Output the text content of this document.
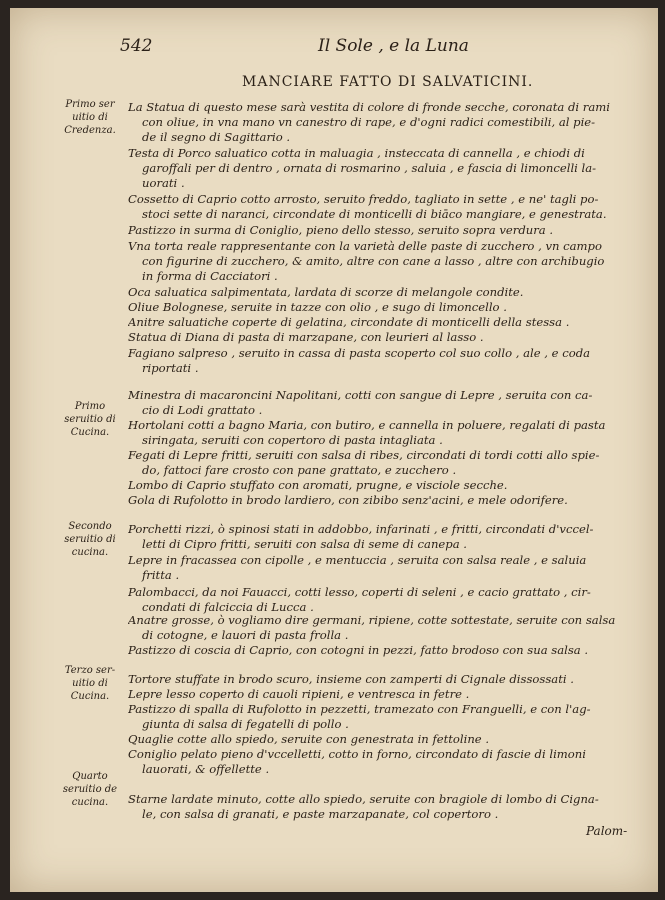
542	Il Sole , e la Luna
MANCIARE FATTO DI SALVATICINI.
Primo ser
uitio di
Credenza.
Primo
seruitio di
Cucina.
Secondo
seruitio di
cucina.
Terzo ser-
uitio di
Cucina.
Quarto
seruitio de
cucina.
La Statua di questo mese sarà vestita di colore di fronde secche, coronata di rami
con oliue, in vna mano vn canestro di rape, e d'ogni radici comestibili, al pie-
de il segno di Sagittario .
Testa di Porco saluatico cotta in maluagia , insteccata di cannella , e chiodi di
garoffali per di dentro , ornata di rosmarino , saluia , e fascia di limoncelli la-
uorati .
Cossetto di Caprio cotto arrosto, seruito freddo, tagliato in sette , e ne' tagli po-
stoci sette di naranci, circondate di monticelli di biāco mangiare, e genestrata.
Pastizzo in surma di Coniglio, pieno dello stesso, seruito sopra verdura .
Vna torta reale rappresentante con la varietà delle paste di zucchero , vn campo
con figurine di zucchero, & amito, altre con cane a lasso , altre con archibugio
in forma di Cacciatori .
Oca saluatica salpimentata, lardata di scorze di melangole condite.
Oliue Bolognese, seruite in tazze con olio , e sugo di limoncello .
Anitre saluatiche coperte di gelatina, circondate di monticelli della stessa .
Statua di Diana di pasta di marzapane, con leurieri al lasso .
Fagiano salpreso , seruito in cassa di pasta scoperto col suo collo , ale , e coda
riportati .
Minestra di macaroncini Napolitani, cotti con sangue di Lepre , seruita con ca-
cio di Lodi grattato .
Hortolani cotti a bagno Maria, con butiro, e cannella in poluere, regalati di pasta
siringata, seruiti con copertoro di pasta intagliata .
Fegati di Lepre fritti, seruiti con salsa di ribes, circondati di tordi cotti allo spie-
do, fattoci fare crosto con pane grattato, e zucchero .
Lombo di Caprio stuffato con aromati, prugne, e visciole secche.
Gola di Rufolotto in brodo lardiero, con zibibo senz'acini, e mele odorifere.
Porchetti rizzi, ò spinosi stati in addobbo, infarinati , e fritti, circondati d'vccel-
letti di Cipro fritti, seruiti con salsa di seme di canepa .
Lepre in fracassea con cipolle , e mentuccia , seruita con salsa reale , e saluia
fritta .
Palombacci, da noi Fauacci, cotti lesso, coperti di seleni , e cacio grattato , cir-
condati di falciccia di Lucca .
Anatre grosse, ò vogliamo dire germani, ripiene, cotte sottestate, seruite con salsa
di cotogne, e lauori di pasta frolla .
Pastizzo di coscia di Caprio, con cotogni in pezzi, fatto brodoso con sua salsa .
Tortore stuffate in brodo scuro, insieme con zamperti di Cignale dissossati .
Lepre lesso coperto di cauoli ripieni, e ventresca in fetre .
Pastizzo di spalla di Rufolotto in pezzetti, tramezato con Franguelli, e con l'ag-
giunta di salsa di fegatelli di pollo .
Quaglie cotte allo spiedo, seruite con genestrata in fettoline .
Coniglio pelato pieno d'vccelletti, cotto in forno, circondato di fascie di limoni
lauorati, & offellette .
Starne lardate minuto, cotte allo spiedo, seruite con bragiole di lombo di Cigna-
le, con salsa di granati, e paste marzapanate, col copertoro .
Palom-
